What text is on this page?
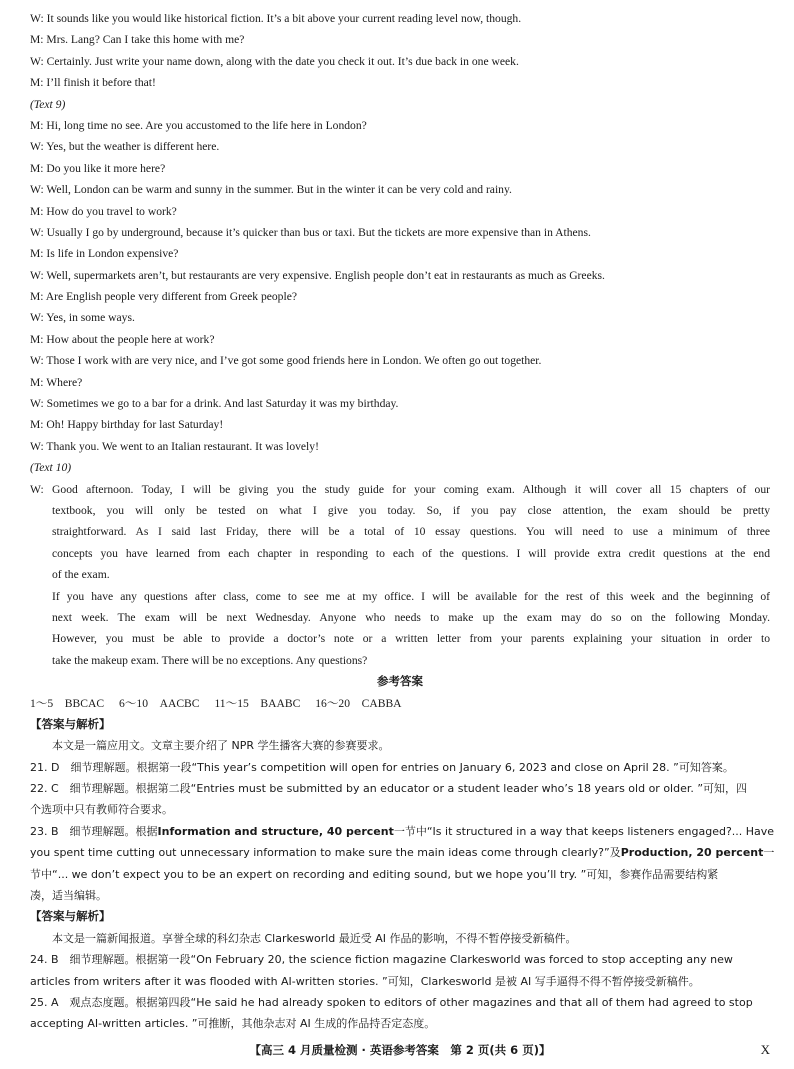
W: It sounds like you would like historical fiction. It’s a bit above your current reading level now, though.
M: Mrs. Lang? Can I take this home with me?
W: Certainly. Just write your name down, along with the date you check it out. It’s due back in one week.
M: I’ll finish it before that!
(Text 9)
M: Hi, long time no see. Are you accustomed to the life here in London?
W: Yes, but the weather is different here.
M: Do you like it more here?
W: Well, London can be warm and sunny in the summer. But in the winter it can be very cold and rainy.
M: How do you travel to work?
W: Usually I go by underground, because it’s quicker than bus or taxi. But the tickets are more expensive than in Athens.
M: Is life in London expensive?
W: Well, supermarkets aren’t, but restaurants are very expensive. English people don’t eat in restaurants as much as Greeks.
M: Are English people very different from Greek people?
W: Yes, in some ways.
M: How about the people here at work?
W: Those I work with are very nice, and I’ve got some good friends here in London. We often go out together.
M: Where?
W: Sometimes we go to a bar for a drink. And last Saturday it was my birthday.
M: Oh! Happy birthday for last Saturday!
W: Thank you. We went to an Italian restaurant. It was lovely!
(Text 10)
W: Good afternoon. Today, I will be giving you the study guide for your coming exam. Although it will cover all 15 chapters of our
textbook, you will only be tested on what I give you today. So, if you pay close attention, the exam should be pretty
straightforward. As I said last Friday, there will be a total of 10 essay questions. You will need to use a minimum of three
concepts you have learned from each chapter in responding to each of the questions. I will provide extra credit questions at the end
of the exam.
If you have any questions after class, come to see me at my office. I will be available for the rest of this week and the beginning of
next week. The exam will be next Wednesday. Anyone who needs to make up the exam may do so on the following Monday.
However, you must be able to provide a doctor’s note or a written letter from your parents explaining your situation in order to
take the makeup exam. There will be no exceptions. Any questions?
参考答案
1～5　BBCAC 6～10　AACBC 11～15　BAABC 16～20　CABBA
【答案与解析】
本文是一篇应用文。文章主要介绍了 NPR 学生播客大赛的参赛要求。
21. D　细节理解题。根据第一段“This year’s competition will open for entries on January 6, 2023 and close on April 28. ”可知答案。
22. C　细节理解题。根据第二段“Entries must be submitted by an educator or a student leader who’s 18 years old or older. ”可知，四
个选项中只有教师符合要求。
23. B　细节理解题。根据Information and structure, 40 percent一节中“Is it structured in a way that keeps listeners engaged?... Have
you spent time cutting out unnecessary information to make sure the main ideas come through clearly?”及Production, 20 percent一
节中“... we don’t expect you to be an expert on recording and editing sound, but we hope you’ll try. ”可知，参赛作品需要结构紧
凑，适当编辑。
【答案与解析】
本文是一篇新闻报道。享誉全球的科幻杂志 Clarkesworld 最近受 AI 作品的影响，不得不暂停接受新稿件。
24. B　细节理解题。根据第一段“On February 20, the science fiction magazine Clarkesworld was forced to stop accepting any new
articles from writers after it was flooded with AI-written stories. ”可知，Clarkesworld 是被 AI 写手逼得不得不暂停接受新稿件。
25. A　观点态度题。根据第四段“He said he had already spoken to editors of other magazines and that all of them had agreed to stop
accepting AI-written articles. ”可推断，其他杂志对 AI 生成的作品持否定态度。
【高三 4 月质量检测 · 英语参考答案　第 2 页(共 6 页)】	X
